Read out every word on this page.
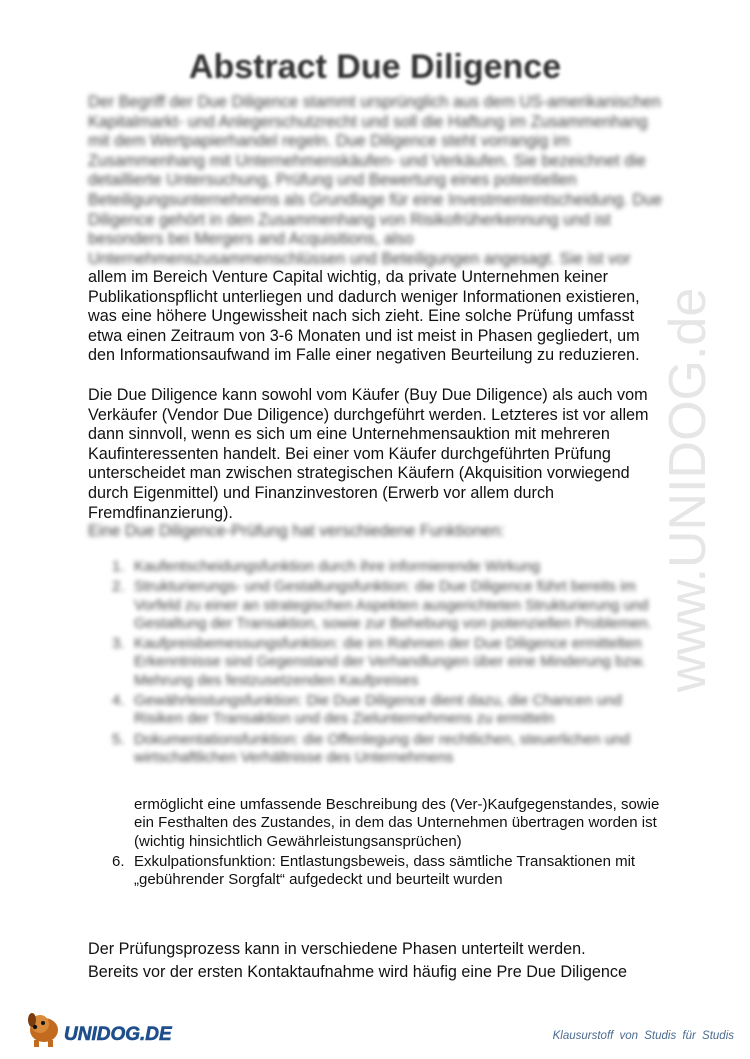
Abstract Due Diligence

Der Begriff der Due Diligence stammt ursprünglich aus dem US-amerikanischen Kapitalmarkt- und Anlegerschutzrecht und soll die Haftung im Zusammenhang mit dem Wertpapierhandel regeln. Due Diligence steht vorrangig im Zusammenhang mit Unternehmenskäufen- und Verkäufen. Sie bezeichnet die detaillierte Untersuchung, Prüfung und Bewertung eines potentiellen Beteiligungsunternehmens als Grundlage für eine Investmententscheidung. Due Diligence gehört in den Zusammenhang von Risikofrüherkennung und ist besonders bei Mergers and Acquisitions, also Unternehmenszusammenschlüssen und Beteiligungen angesagt. Sie ist vor

allem im Bereich Venture Capital wichtig, da private Unternehmen keiner Publikationspflicht unterliegen und dadurch weniger Informationen existieren, was eine höhere Ungewissheit nach sich zieht. Eine solche Prüfung umfasst etwa einen Zeitraum von 3-6 Monaten und ist meist in Phasen gegliedert, um den Informationsaufwand im Falle einer negativen Beurteilung zu reduzieren.

Die Due Diligence kann sowohl vom Käufer (Buy Due Diligence) als auch vom Verkäufer (Vendor Due Diligence) durchgeführt werden. Letzteres ist vor allem dann sinnvoll, wenn es sich um eine Unternehmensauktion mit mehreren Kaufinteressenten handelt. Bei einer vom Käufer durchgeführten Prüfung unterscheidet man zwischen strategischen Käufern (Akquisition vorwiegend durch Eigenmittel) und Finanzinvestoren (Erwerb vor allem durch Fremdfinanzierung).

Eine Due Diligence-Prüfung hat verschiedene Funktionen:

1. Kaufentscheidungsfunktion durch ihre informierende Wirkung
2. Strukturierungs- und Gestaltungsfunktion: die Due Diligence führt bereits im Vorfeld zu einer an strategischen Aspekten ausgerichteten Strukturierung und Gestaltung der Transaktion, sowie zur Behebung von potenziellen Problemen.
3. Kaufpreisbemessungsfunktion: die im Rahmen der Due Diligence ermittelten Erkenntnisse sind Gegenstand der Verhandlungen über eine Minderung bzw. Mehrung des festzusetzenden Kaufpreises
4. Gewährleistungsfunktion: Die Due Diligence dient dazu, die Chancen und Risiken der Transaktion und des Zielunternehmens zu ermitteln
5. Dokumentationsfunktion: die Offenlegung der rechtlichen, steuerlichen und wirtschaftlichen Verhältnisse des Unternehmens
ermöglicht eine umfassende Beschreibung des (Ver-)Kaufgegenstandes, sowie ein Festhalten des Zustandes, in dem das Unternehmen übertragen worden ist (wichtig hinsichtlich Gewährleistungsansprüchen)
6. Exkulpationsfunktion: Entlastungsbeweis, dass sämtliche Transaktionen mit „gebührender Sorgfalt“ aufgedeckt und beurteilt wurden

Der Prüfungsprozess kann in verschiedene Phasen unterteilt werden.

Bereits vor der ersten Kontaktaufnahme wird häufig eine Pre Due Diligence

www.UNIDOG.de
UNIDOG.DE	Klausurstoff von Studis für Studis
